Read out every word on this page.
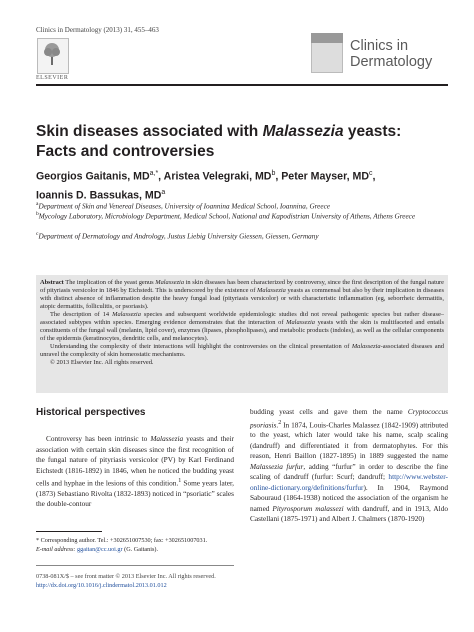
Clinics in Dermatology (2013) 31, 455–463
ELSEVIER
Clinics in
Dermatology
Skin diseases associated with Malassezia yeasts:
Facts and controversies
Georgios Gaitanis, $MD^{a,*}$, Aristea Velegraki, $MD^b$, Peter Mayser, $MD^c$,
Ioannis D. Bassukas, $MD^a$
$^a$Department of Skin and Venereal Diseases, University of Ioannina Medical School, Ioannina, Greece
$^b$Mycology Laboratory, Microbiology Department, Medical School, National and Kapodistrian University of Athens, Athens Greece
$^c$Department of Dermatology and Andrology, Justus Liebig University Giessen, Giessen, Germany

Abstract The implication of the yeast genus Malassezia in skin diseases has been characterized by controversy, since the first description of the fungal nature of pityriasis versicolor in 1846 by Eichstedt. This is underscored by the existence of Malassezia yeasts as commensal but also by their implication in diseases with distinct absence of inflammation despite the heavy fungal load (pityriasis versicolor) or with characteristic inflammation (eg, seborrheic dermatitis, atopic dermatitis, folliculitis, or psoriasis).

The description of 14 Malassezia species and subsequent worldwide epidemiologic studies did not reveal pathogenic species but rather disease–associated subtypes within species. Emerging evidence demonstrates that the interaction of Malassezia yeasts with the skin is multifaceted and entails constituents of the fungal wall (melanin, lipid cover), enzymes (lipases, phospholipases), and metabolic products (indoles), as well as the cellular components of the epidermis (keratinocytes, dendritic cells, and melanocytes).

Understanding the complexity of their interactions will highlight the controversies on the clinical presentation of Malassezia-associated diseases and unravel the complexity of skin homeostatic mechanisms.

© 2013 Elsevier Inc. All rights reserved.

Historical perspectives

Controversy has been intrinsic to Malassezia yeasts and their association with certain skin diseases since the first recognition of the fungal nature of pityriasis versicolor (PV) by Karl Ferdinand Eichstedt (1816-1892) in 1846, when he noticed the budding yeast cells and hyphae in the lesions of this condition.$^1$ Some years later, (1873) Sebastiano Rivolta (1832-1893) noticed in “psoriatic” scales the double-contour

budding yeast cells and gave them the name Cryptococcus psoriasis.$^2$ In 1874, Louis-Charles Malassez (1842-1909) attributed to the yeast, which later would take his name, scalp scaling (dandruff) and differentiated it from dermatophytes. For this reason, Henri Baillon (1827-1895) in 1889 suggested the name Malassezia furfur, adding “furfur” in order to describe the fine scaling of dandruff (furfur: Scurf; dandruff; http://www.webster-online-dictionary.org/definitions/furfur). In 1904, Raymond Sabouraud (1864-1938) noticed the association of the organism he named Pityrosporum malassezi with dandruff, and in 1913, Aldo Castellani (1875-1971) and Albert J. Chalmers (1870-1920)

* Corresponding author. Tel.: +302651007530; fax: +302651007031.
E-mail address: ggaitan@cc.uoi.gr (G. Gaitanis).
0738-081X/$ – see front matter © 2013 Elsevier Inc. All rights reserved.
http://dx.doi.org/10.1016/j.clindermatol.2013.01.012
